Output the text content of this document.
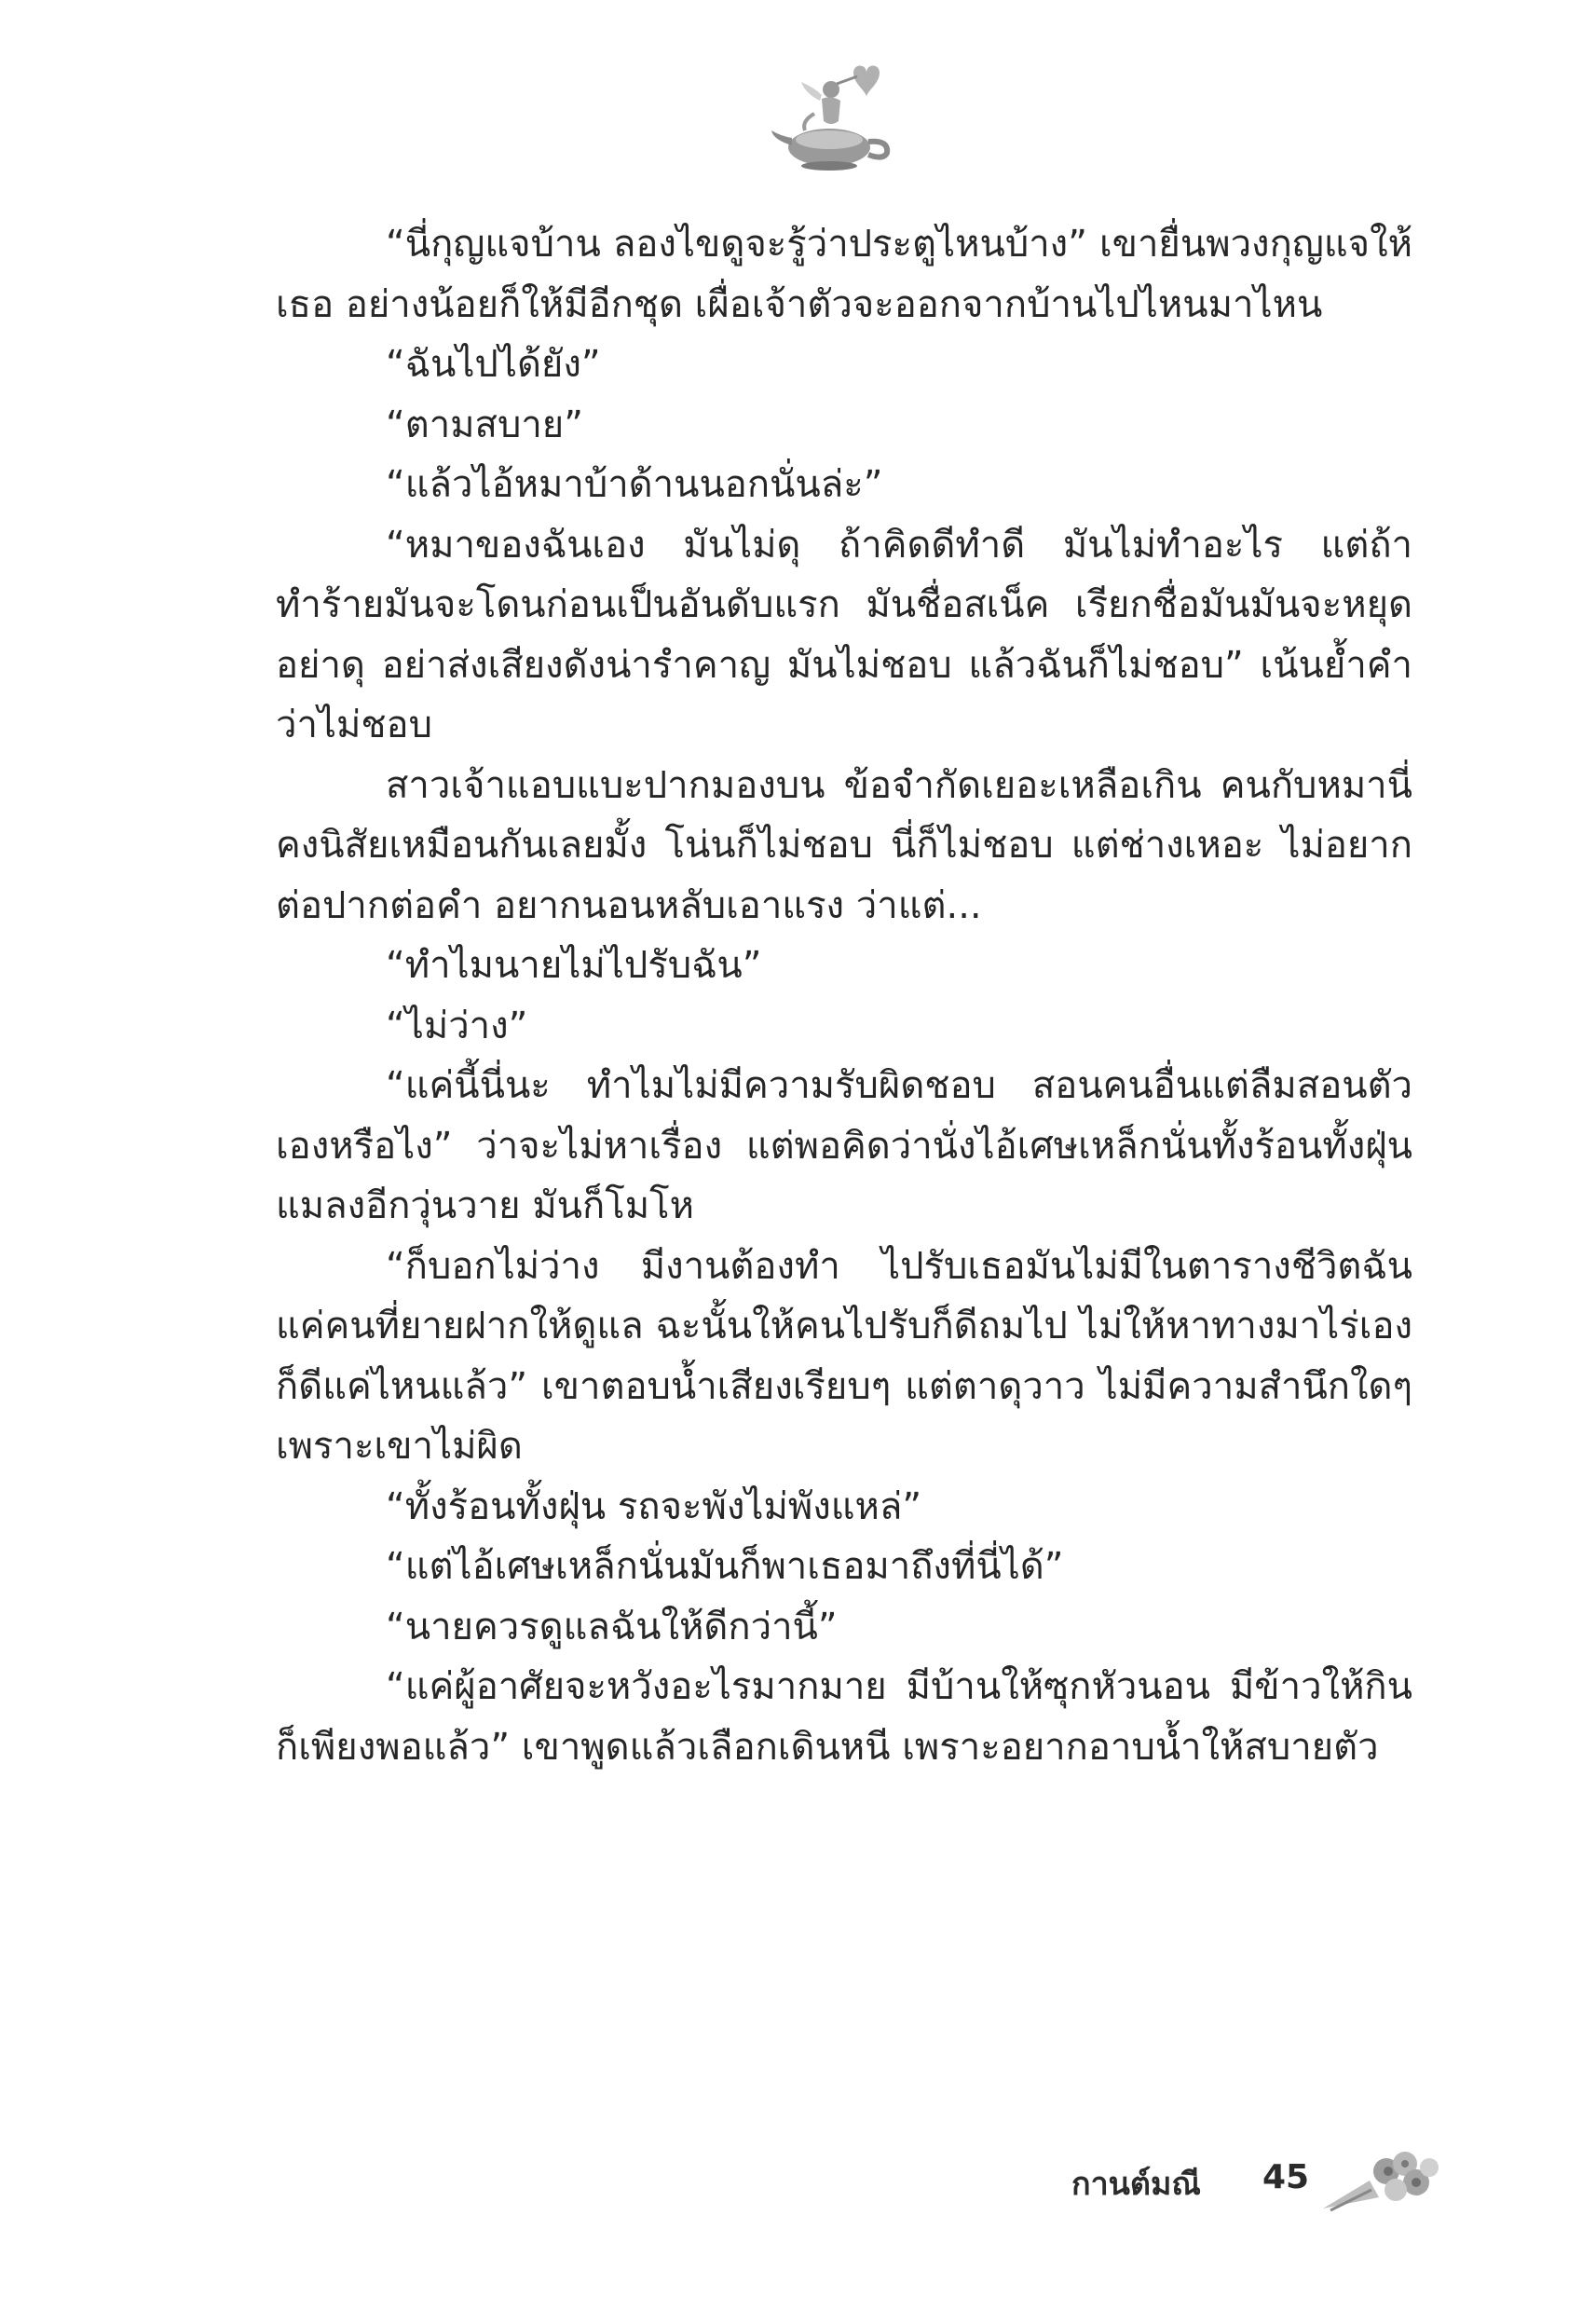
“นี่กุญแจบ้าน ลองไขดูจะรู้ว่าประตูไหนบ้าง” เขายื่นพวงกุญแจให้เธอ อย่างน้อยก็ให้มีอีกชุด เผื่อเจ้าตัวจะออกจากบ้านไปไหนมาไหน

“ฉันไปได้ยัง”

“ตามสบาย”

“แล้วไอ้หมาบ้าด้านนอกนั่นล่ะ”

“หมาของฉันเอง มันไม่ดุ ถ้าคิดดีทำดี มันไม่ทำอะไร แต่ถ้าทำร้ายมันจะโดนก่อนเป็นอันดับแรก มันชื่อสเน็ค เรียกชื่อมันมันจะหยุด อย่าดุ อย่าส่งเสียงดังน่ารำคาญ มันไม่ชอบ แล้วฉันก็ไม่ชอบ” เน้นย้ำคำว่าไม่ชอบ

สาวเจ้าแอบแบะปากมองบน ข้อจำกัดเยอะเหลือเกิน คนกับหมานี่คงนิสัยเหมือนกันเลยมั้ง โน่นก็ไม่ชอบ นี่ก็ไม่ชอบ แต่ช่างเหอะ ไม่อยากต่อปากต่อคำ อยากนอนหลับเอาแรง ว่าแต่...

“ทำไมนายไม่ไปรับฉัน”

“ไม่ว่าง”

“แค่นี้นี่นะ ทำไมไม่มีความรับผิดชอบ สอนคนอื่นแต่ลืมสอนตัวเองหรือไง” ว่าจะไม่หาเรื่อง แต่พอคิดว่านั่งไอ้เศษเหล็กนั่นทั้งร้อนทั้งฝุ่นแมลงอีกวุ่นวาย มันก็โมโห

“ก็บอกไม่ว่าง มีงานต้องทำ ไปรับเธอมันไม่มีในตารางชีวิตฉัน แค่คนที่ยายฝากให้ดูแล ฉะนั้นให้คนไปรับก็ดีถมไป ไม่ให้หาทางมาไร่เองก็ดีแค่ไหนแล้ว” เขาตอบน้ำเสียงเรียบๆ แต่ตาดุวาว ไม่มีความสำนึกใดๆ เพราะเขาไม่ผิด

“ทั้งร้อนทั้งฝุ่น รถจะพังไม่พังแหล่”

“แต่ไอ้เศษเหล็กนั่นมันก็พาเธอมาถึงที่นี่ได้”

“นายควรดูแลฉันให้ดีกว่านี้”

“แค่ผู้อาศัยจะหวังอะไรมากมาย มีบ้านให้ซุกหัวนอน มีข้าวให้กินก็เพียงพอแล้ว” เขาพูดแล้วเลือกเดินหนี เพราะอยากอาบน้ำให้สบายตัว

กานต์มณี 45
